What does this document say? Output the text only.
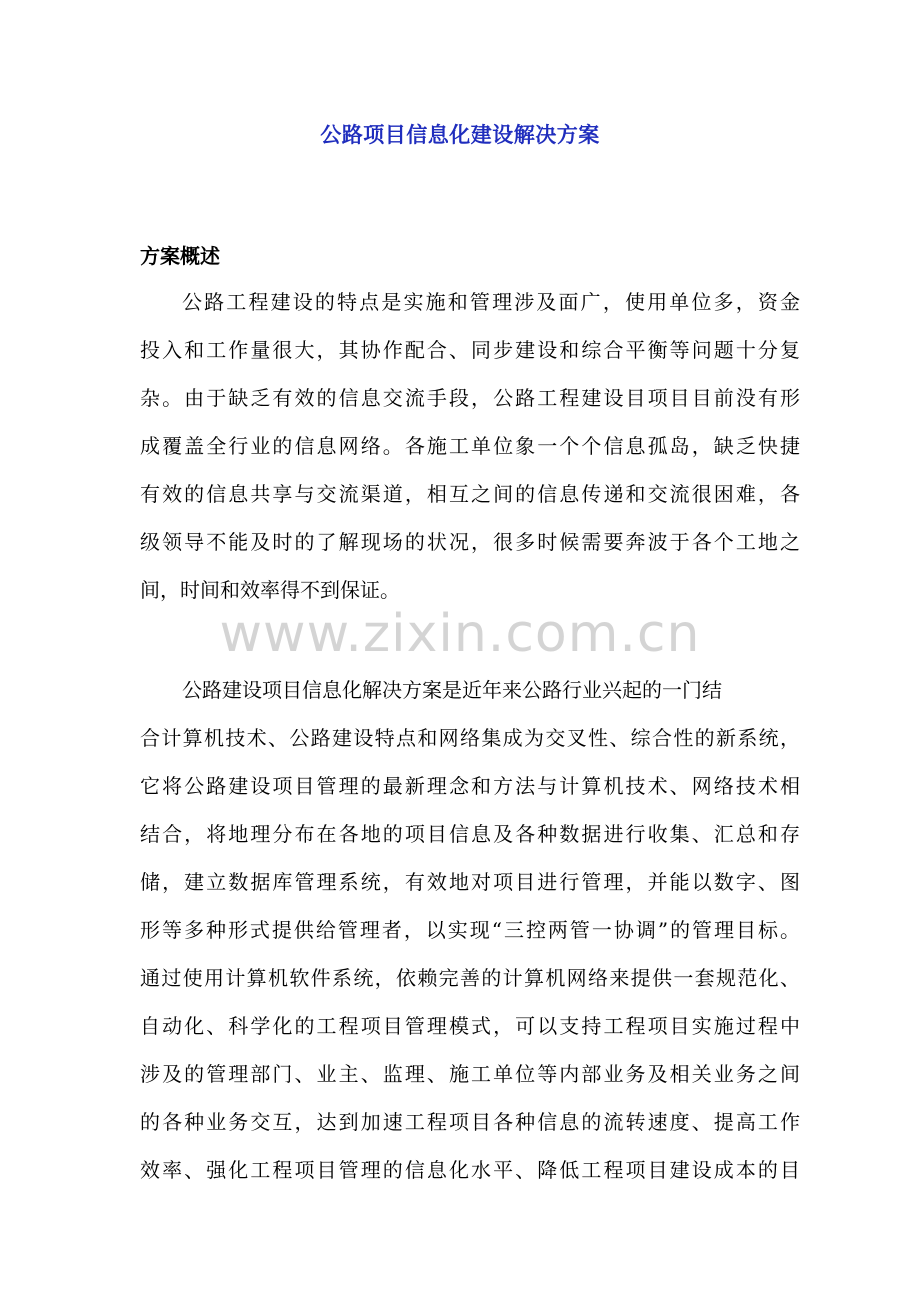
www.zixin.com.cn
公路项目信息化建设解决方案
方案概述
公路工程建设的特点是实施和管理涉及面广，使用单位多，资金
投入和工作量很大，其协作配合、同步建设和综合平衡等问题十分复
杂。由于缺乏有效的信息交流手段，公路工程建设目项目目前没有形
成覆盖全行业的信息网络。各施工单位象一个个信息孤岛，缺乏快捷
有效的信息共享与交流渠道，相互之间的信息传递和交流很困难，各
级领导不能及时的了解现场的状况，很多时候需要奔波于各个工地之
间，时间和效率得不到保证。
公路建设项目信息化解决方案是近年来公路行业兴起的一门结
合计算机技术、公路建设特点和网络集成为交叉性、综合性的新系统，
它将公路建设项目管理的最新理念和方法与计算机技术、网络技术相
结合，将地理分布在各地的项目信息及各种数据进行收集、汇总和存
储，建立数据库管理系统，有效地对项目进行管理，并能以数字、图
形等多种形式提供给管理者，以实现“三控两管一协调”的管理目标。
通过使用计算机软件系统，依赖完善的计算机网络来提供一套规范化、
自动化、科学化的工程项目管理模式，可以支持工程项目实施过程中
涉及的管理部门、业主、监理、施工单位等内部业务及相关业务之间
的各种业务交互，达到加速工程项目各种信息的流转速度、提高工作
效率、强化工程项目管理的信息化水平、降低工程项目建设成本的目
